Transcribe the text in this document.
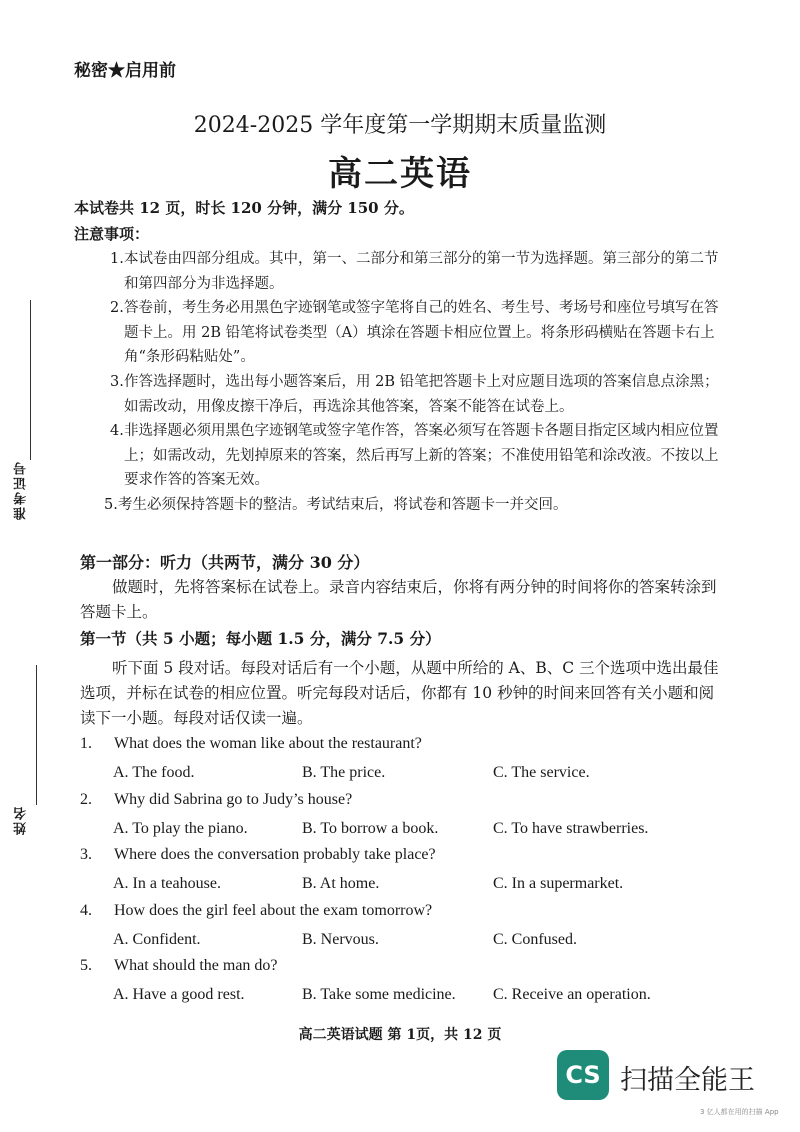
秘密★启用前
2024-2025 学年度第一学期期末质量监测
高二英语
本试卷共 12 页，时长 120 分钟，满分 150 分。
注意事项：
1. 本试卷由四部分组成。其中，第一、二部分和第三部分的第一节为选择题。第三部分的第二节和第四部分为非选择题。
2. 答卷前，考生务必用黑色字迹钢笔或签字笔将自己的姓名、考生号、考场号和座位号填写在答题卡上。用 2B 铅笔将试卷类型（A）填涂在答题卡相应位置上。将条形码横贴在答题卡右上角“条形码粘贴处”。
3. 作答选择题时，选出每小题答案后，用 2B 铅笔把答题卡上对应题目选项的答案信息点涂黑；如需改动，用像皮擦干净后，再选涂其他答案，答案不能答在试卷上。
4. 非选择题必须用黑色字迹钢笔或签字笔作答，答案必须写在答题卡各题目指定区域内相应位置上；如需改动，先划掉原来的答案，然后再写上新的答案；不准使用铅笔和涂改液。不按以上要求作答的答案无效。
5. 考生必须保持答题卡的整洁。考试结束后，将试卷和答题卡一并交回。
准考证号
姓名
第一部分：听力（共两节，满分 30 分）
做题时，先将答案标在试卷上。录音内容结束后，你将有两分钟的时间将你的答案转涂到答题卡上。
第一节（共 5 小题；每小题 1.5 分，满分 7.5 分）
听下面 5 段对话。每段对话后有一个小题，从题中所给的 A、B、C 三个选项中选出最佳选项，并标在试卷的相应位置。听完每段对话后，你都有 10 秒钟的时间来回答有关小题和阅读下一小题。每段对话仅读一遍。
1. What does the woman like about the restaurant?
A. The food.	B. The price.	C. The service.
2. Why did Sabrina go to Judy’s house?
A. To play the piano.	B. To borrow a book.	C. To have strawberries.
3. Where does the conversation probably take place?
A. In a teahouse.	B. At home.	C. In a supermarket.
4. How does the girl feel about the exam tomorrow?
A. Confident.	B. Nervous.	C. Confused.
5. What should the man do?
A. Have a good rest.	B. Take some medicine. C. Receive an operation.
高二英语试题 第 1页，共 12 页
CS 扫描全能王
3 亿人都在用的扫描 App
